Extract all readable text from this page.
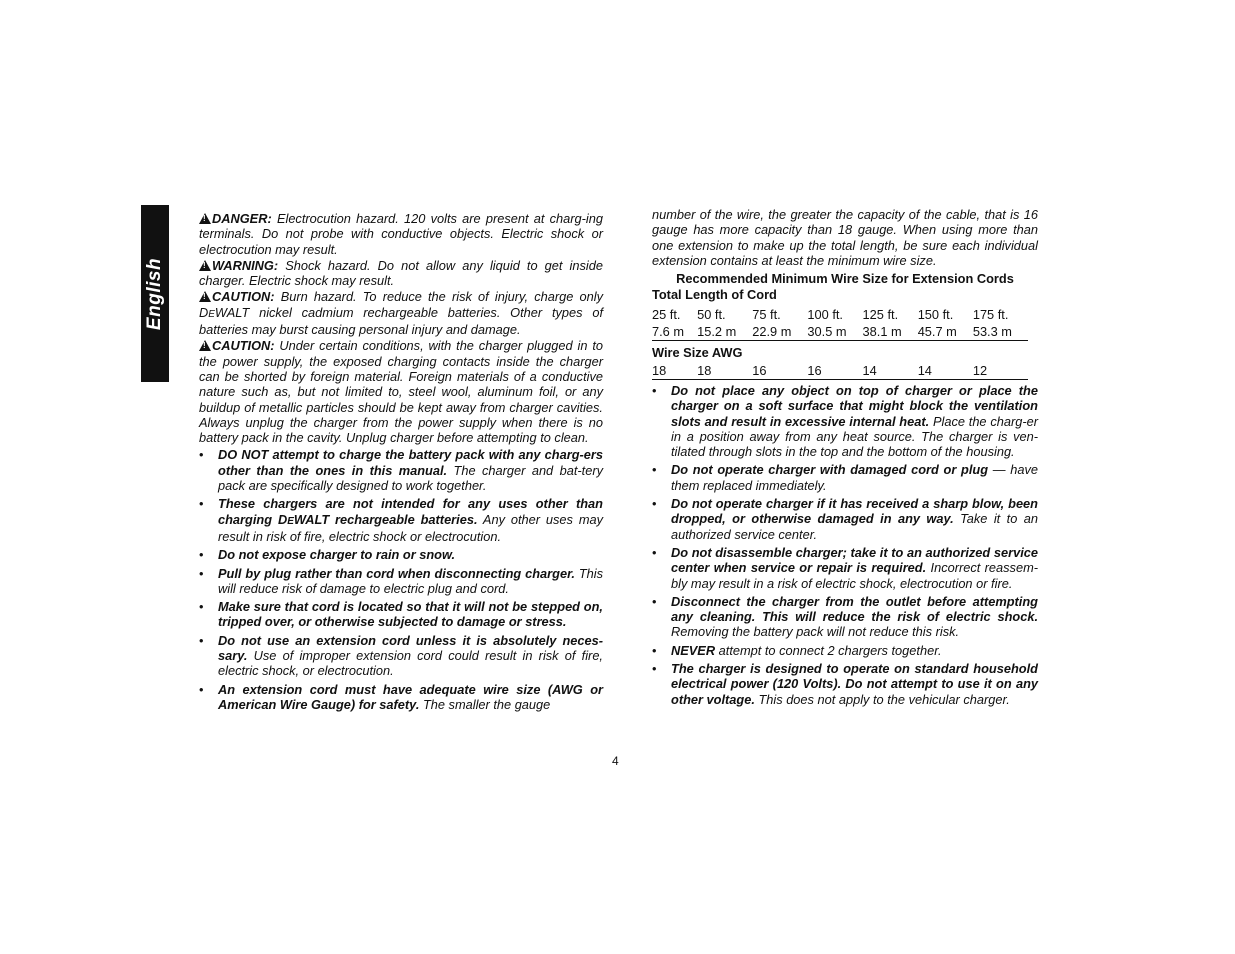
English

!DANGER: Electrocution hazard. 120 volts are present at charg-ing terminals. Do not probe with conductive objects. Electric shock or electrocution may result.

!WARNING: Shock hazard. Do not allow any liquid to get inside charger. Electric shock may result.

!CAUTION: Burn hazard. To reduce the risk of injury, charge only DEWALT nickel cadmium rechargeable batteries. Other types of batteries may burst causing personal injury and damage.

!CAUTION: Under certain conditions, with the charger plugged in to the power supply, the exposed charging contacts inside the charger can be shorted by foreign material. Foreign materials of a conductive nature such as, but not limited to, steel wool, aluminum foil, or any buildup of metallic particles should be kept away from charger cavities. Always unplug the charger from the power supply when there is no battery pack in the cavity. Unplug charger before attempting to clean.

• DO NOT attempt to charge the battery pack with any charg-ers other than the ones in this manual. The charger and bat-tery pack are specifically designed to work together.
• These chargers are not intended for any uses other than charging DEWALT rechargeable batteries. Any other uses may result in risk of fire, electric shock or electrocution.
• Do not expose charger to rain or snow.
• Pull by plug rather than cord when disconnecting charger. This will reduce risk of damage to electric plug and cord.
• Make sure that cord is located so that it will not be stepped on, tripped over, or otherwise subjected to damage or stress.
• Do not use an extension cord unless it is absolutely neces-sary. Use of improper extension cord could result in risk of fire, electric shock, or electrocution.
• An extension cord must have adequate wire size (AWG or American Wire Gauge) for safety. The smaller the gauge

number of the wire, the greater the capacity of the cable, that is 16 gauge has more capacity than 18 gauge. When using more than one extension to make up the total length, be sure each individual extension contains at least the minimum wire size.

Recommended Minimum Wire Size for Extension Cords
Total Length of Cord
25 ft.	50 ft.	75 ft.	100 ft.	125 ft.	150 ft.	175 ft.
7.6 m	15.2 m	22.9 m	30.5 m	38.1 m	45.7 m	53.3 m
Wire Size AWG						
18	18	16	16	14	14	12
• Do not place any object on top of charger or place the charger on a soft surface that might block the ventilation slots and result in excessive internal heat. Place the charg-er in a position away from any heat source. The charger is ven-tilated through slots in the top and the bottom of the housing.
• Do not operate charger with damaged cord or plug — have them replaced immediately.
• Do not operate charger if it has received a sharp blow, been dropped, or otherwise damaged in any way. Take it to an authorized service center.
• Do not disassemble charger; take it to an authorized service center when service or repair is required. Incorrect reassem-bly may result in a risk of electric shock, electrocution or fire.
• Disconnect the charger from the outlet before attempting any cleaning. This will reduce the risk of electric shock. Removing the battery pack will not reduce this risk.
• NEVER attempt to connect 2 chargers together.
• The charger is designed to operate on standard household electrical power (120 Volts). Do not attempt to use it on any other voltage. This does not apply to the vehicular charger.
4
